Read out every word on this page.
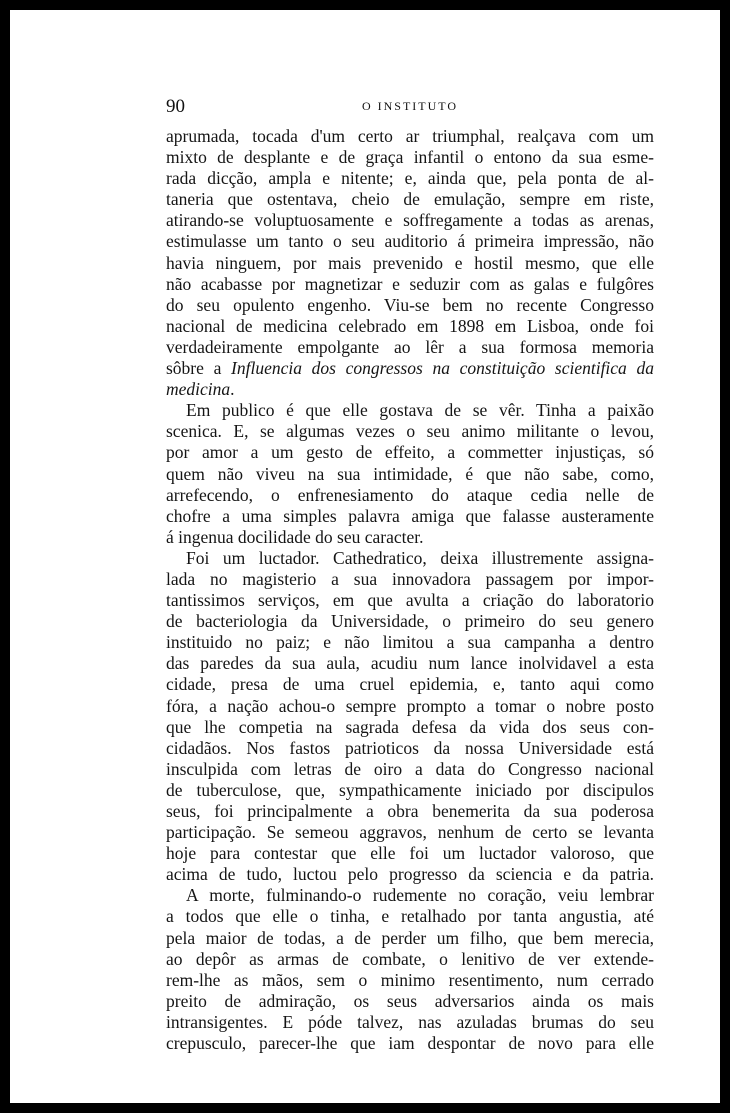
90	O INSTITUTO
aprumada, tocada d'um certo ar triumphal, realçava com um
mixto de desplante e de graça infantil o entono da sua esme-
rada dicção, ampla e nitente; e, ainda que, pela ponta de al-
taneria que ostentava, cheio de emulação, sempre em riste,
atirando-se voluptuosamente e soffregamente a todas as arenas,
estimulasse um tanto o seu auditorio á primeira impressão, não
havia ninguem, por mais prevenido e hostil mesmo, que elle
não acabasse por magnetizar e seduzir com as galas e fulgôres
do seu opulento engenho. Viu-se bem no recente Congresso
nacional de medicina celebrado em 1898 em Lisboa, onde foi
verdadeiramente empolgante ao lêr a sua formosa memoria
sôbre a Influencia dos congressos na constituição scientifica da
medicina.
Em publico é que elle gostava de se vêr. Tinha a paixão
scenica. E, se algumas vezes o seu animo militante o levou,
por amor a um gesto de effeito, a commetter injustiças, só
quem não viveu na sua intimidade, é que não sabe, como,
arrefecendo, o enfrenesiamento do ataque cedia nelle de
chofre a uma simples palavra amiga que falasse austeramente
á ingenua docilidade do seu caracter.
Foi um luctador. Cathedratico, deixa illustremente assigna-
lada no magisterio a sua innovadora passagem por impor-
tantissimos serviços, em que avulta a criação do laboratorio
de bacteriologia da Universidade, o primeiro do seu genero
instituido no paiz; e não limitou a sua campanha a dentro
das paredes da sua aula, acudiu num lance inolvidavel a esta
cidade, presa de uma cruel epidemia, e, tanto aqui como
fóra, a nação achou-o sempre prompto a tomar o nobre posto
que lhe competia na sagrada defesa da vida dos seus con-
cidadãos. Nos fastos patrioticos da nossa Universidade está
insculpida com letras de oiro a data do Congresso nacional
de tuberculose, que, sympathicamente iniciado por discipulos
seus, foi principalmente a obra benemerita da sua poderosa
participação. Se semeou aggravos, nenhum de certo se levanta
hoje para contestar que elle foi um luctador valoroso, que
acima de tudo, luctou pelo progresso da sciencia e da patria.
A morte, fulminando-o rudemente no coração, veiu lembrar
a todos que elle o tinha, e retalhado por tanta angustia, até
pela maior de todas, a de perder um filho, que bem merecia,
ao depôr as armas de combate, o lenitivo de ver extende-
rem-lhe as mãos, sem o minimo resentimento, num cerrado
preito de admiração, os seus adversarios ainda os mais
intransigentes. E póde talvez, nas azuladas brumas do seu
crepusculo, parecer-lhe que iam despontar de novo para elle
